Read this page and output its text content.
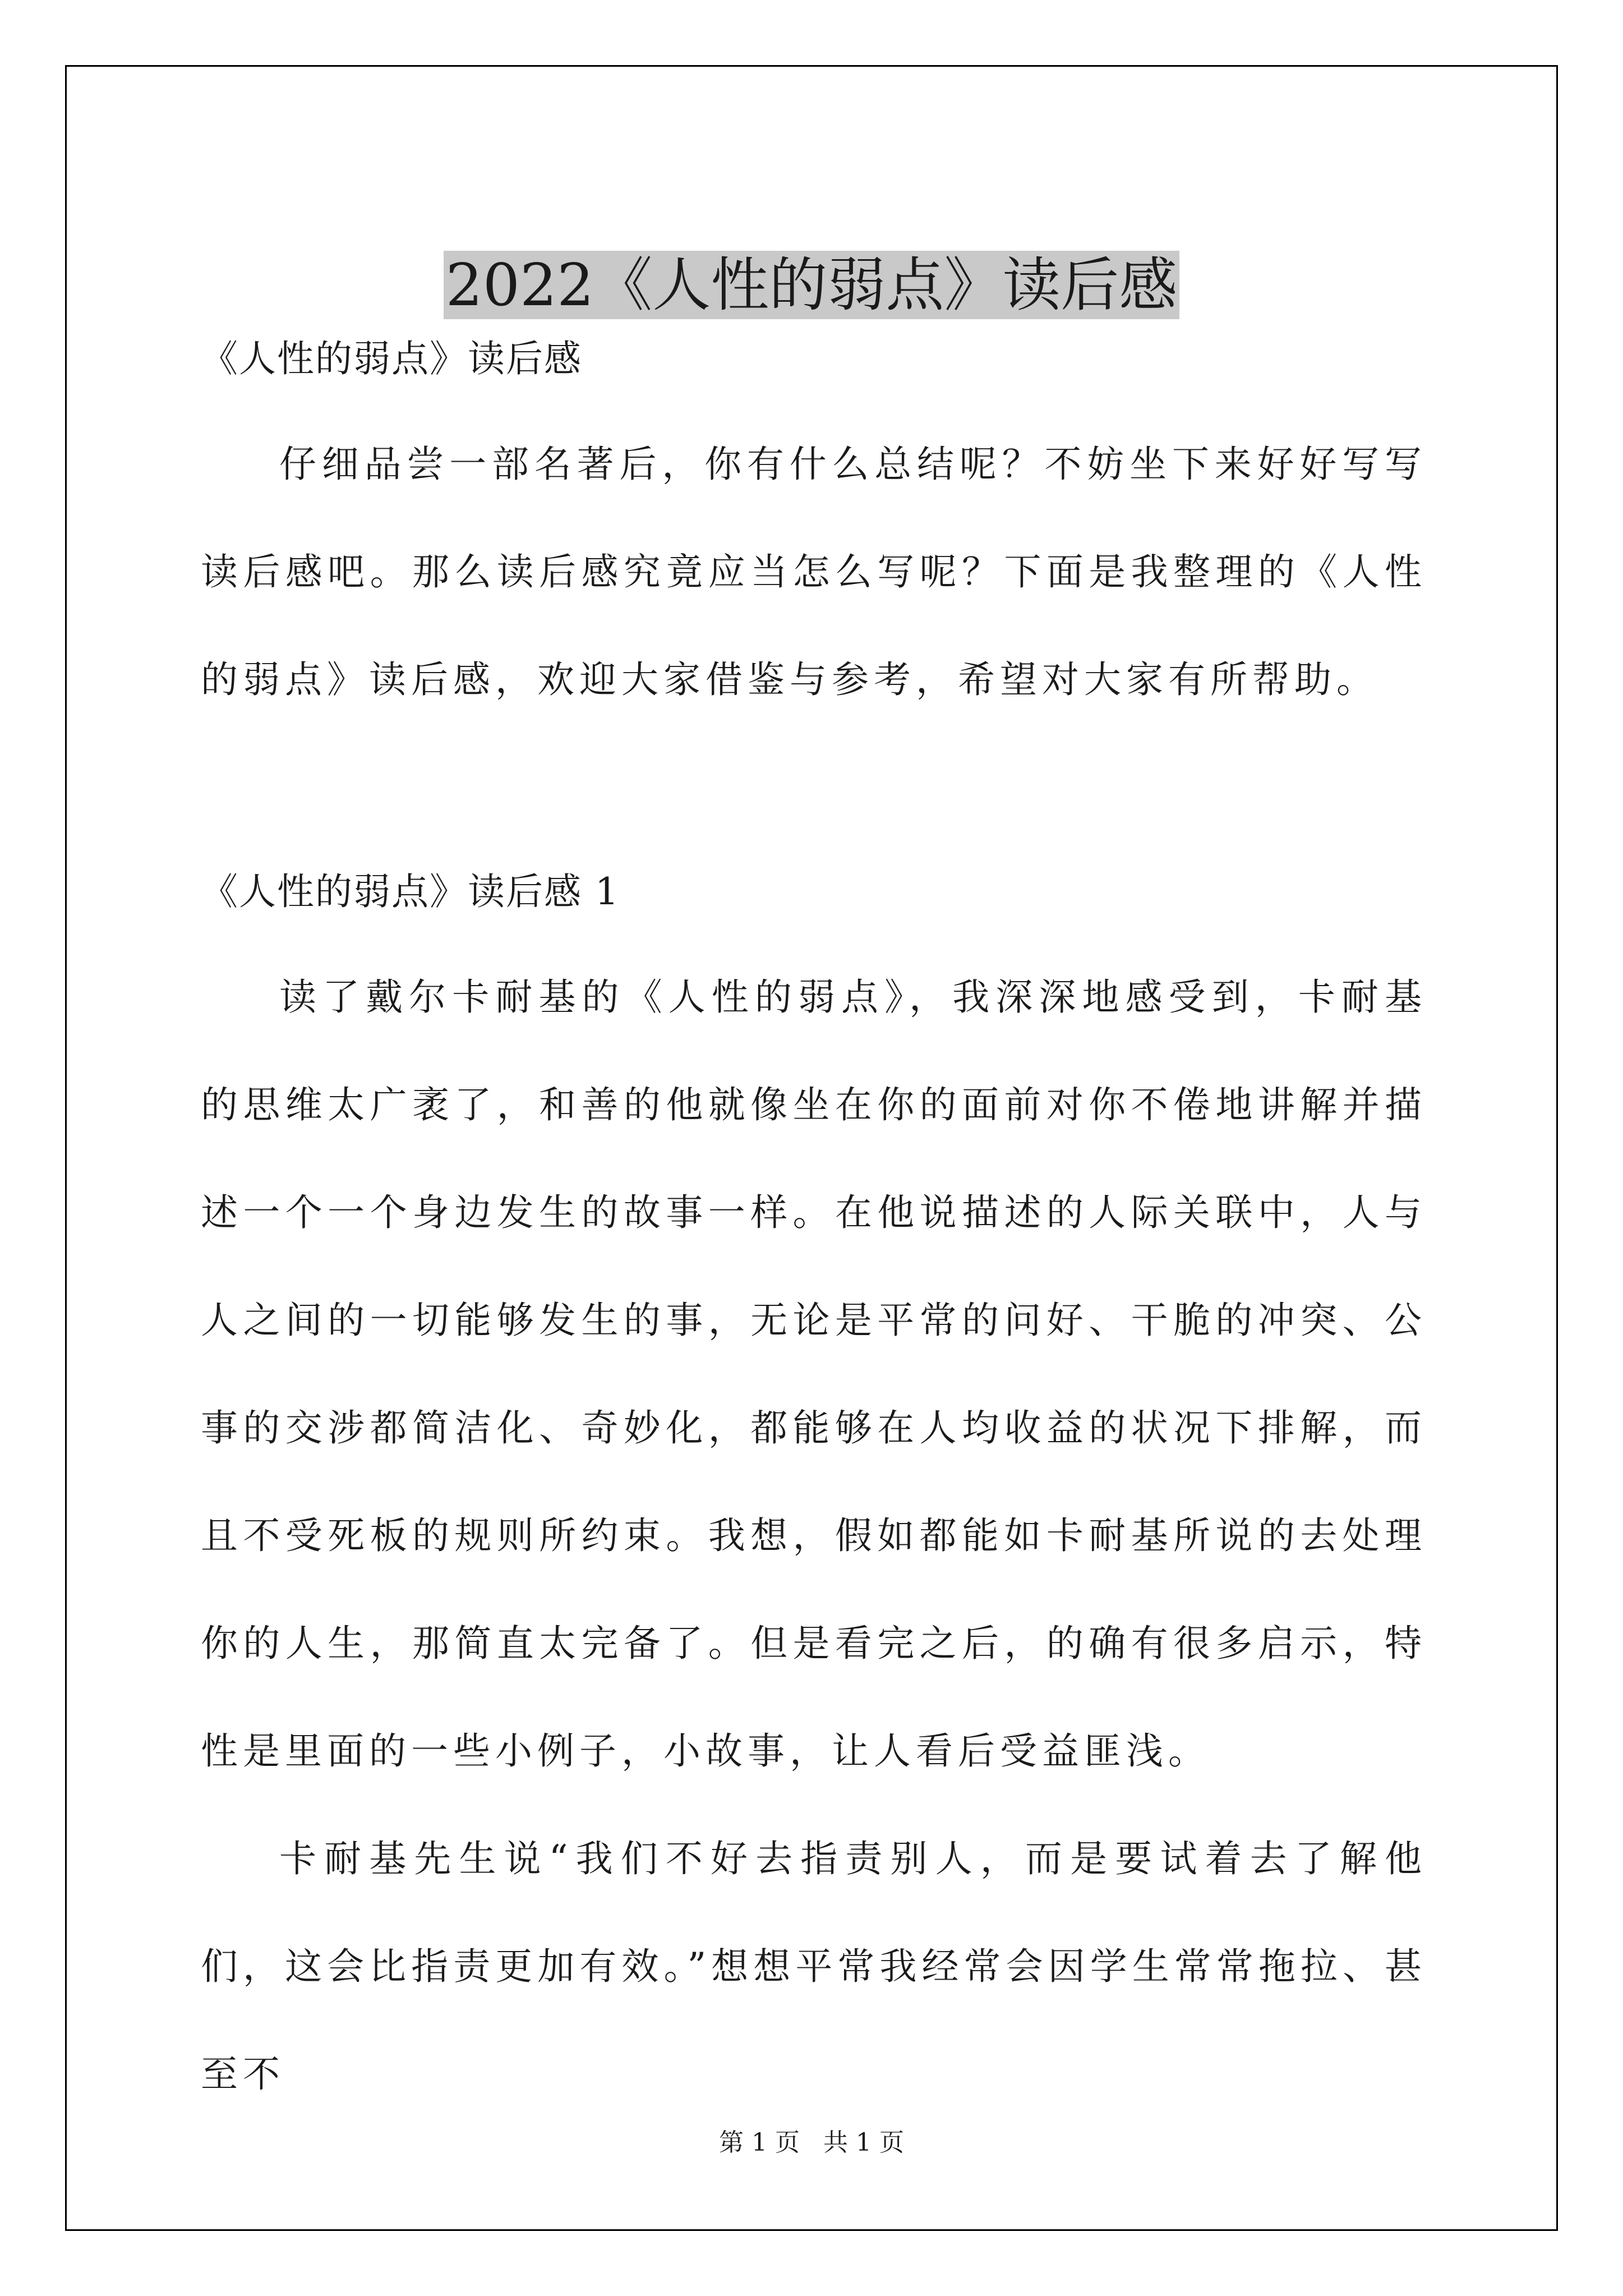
2022《人性的弱点》读后感

《人性的弱点》读后感

仔细品尝一部名著后，你有什么总结呢？不妨坐下来好好写写读后感吧。那么读后感究竟应当怎么写呢？下面是我整理的《人性的弱点》读后感，欢迎大家借鉴与参考，希望对大家有所帮助。

《人性的弱点》读后感 1

读了戴尔卡耐基的《人性的弱点》，我深深地感受到，卡耐基的思维太广袤了，和善的他就像坐在你的面前对你不倦地讲解并描述一个一个身边发生的故事一样。在他说描述的人际关联中，人与人之间的一切能够发生的事，无论是平常的问好、干脆的冲突、公事的交涉都简洁化、奇妙化，都能够在人均收益的状况下排解，而且不受死板的规则所约束。我想，假如都能如卡耐基所说的去处理你的人生，那简直太完备了。但是看完之后，的确有很多启示，特性是里面的一些小例子，小故事，让人看后受益匪浅。

卡耐基先生说“我们不好去指责别人，而是要试着去了解他们，这会比指责更加有效。”想想平常我经常会因学生常常拖拉、甚至不

第 1 页   共 1 页
